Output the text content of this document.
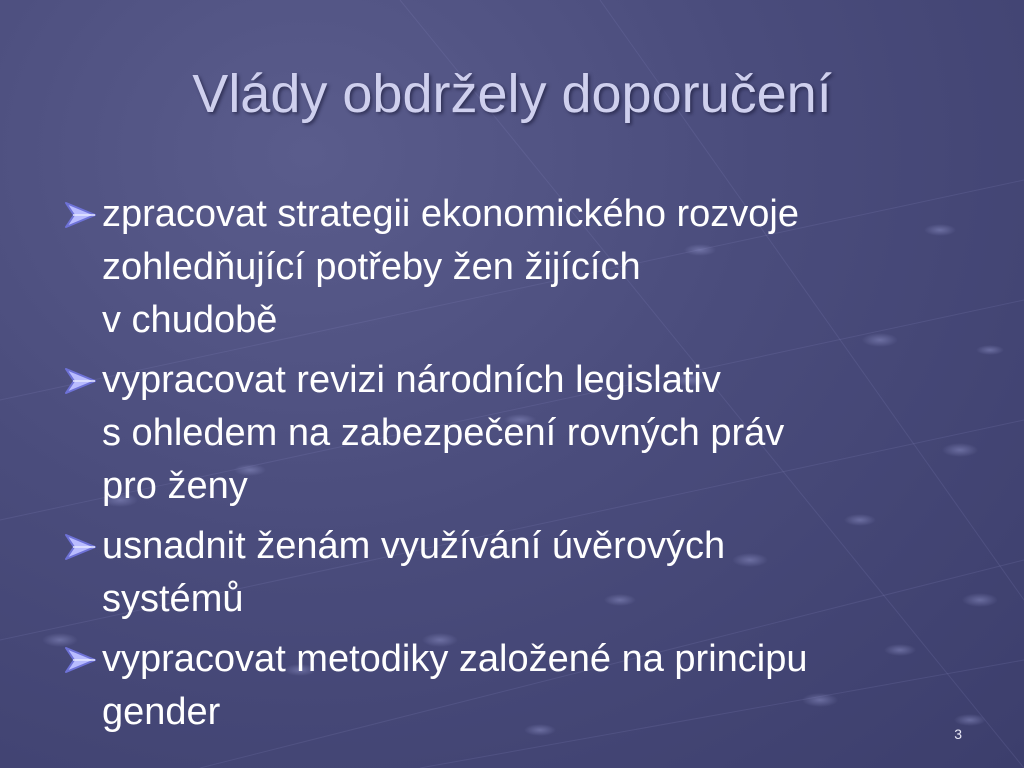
Vlády obdržely doporučení
zpracovat strategii ekonomického rozvoje
zohledňující potřeby žen žijících
v chudobě
vypracovat revizi národních legislativ
s ohledem na zabezpečení rovných práv
pro ženy
usnadnit ženám využívání úvěrových
systémů
vypracovat metodiky založené na principu
gender
3
